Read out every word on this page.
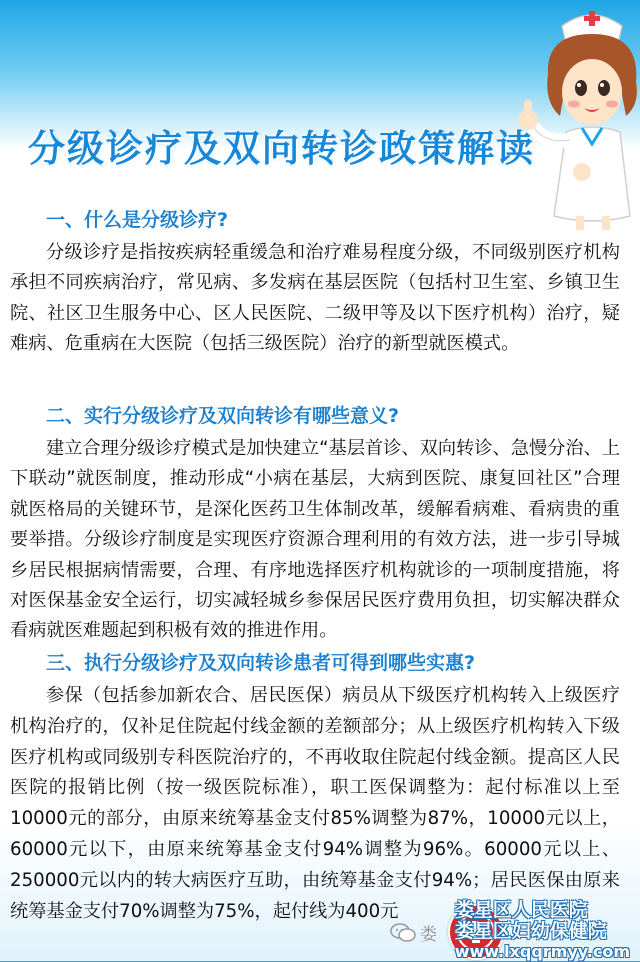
分级诊疗及双向转诊政策解读
一、什么是分级诊疗?

分级诊疗是指按疾病轻重缓急和治疗难易程度分级，不同级别医疗机构承担不同疾病治疗，常见病、多发病在基层医院（包括村卫生室、乡镇卫生院、社区卫生服务中心、区人民医院、二级甲等及以下医疗机构）治疗，疑难病、危重病在大医院（包括三级医院）治疗的新型就医模式。

二、实行分级诊疗及双向转诊有哪些意义?

建立合理分级诊疗模式是加快建立“基层首诊、双向转诊、急慢分治、上下联动”就医制度，推动形成“小病在基层，大病到医院、康复回社区”合理就医格局的关键环节，是深化医药卫生体制改革，缓解看病难、看病贵的重要举措。分级诊疗制度是实现医疗资源合理利用的有效方法，进一步引导城乡居民根据病情需要，合理、有序地选择医疗机构就诊的一项制度措施，将对医保基金安全运行，切实减轻城乡参保居民医疗费用负担，切实解决群众看病就医难题起到积极有效的推进作用。

三、执行分级诊疗及双向转诊患者可得到哪些实惠?

参保（包括参加新农合、居民医保）病员从下级医疗机构转入上级医疗机构治疗的，仅补足住院起付线金额的差额部分；从上级医疗机构转入下级医疗机构或同级别专科医院治疗的，不再收取住院起付线金额。提高区人民医院的报销比例（按一级医院标准），职工医保调整为：起付标准以上至10000元的部分，由原来统筹基金支付85%调整为87%，10000元以上，60000元以下，由原来统筹基金支付94%调整为96%。60000元以上、250000元以内的转大病医疗互助，由统筹基金支付94%；居民医保由原来统筹基金支付70%调整为75%，起付线为400元

娄
娄星区人民医院
娄星区妇幼保健院
www.lxqqrmyy.com
